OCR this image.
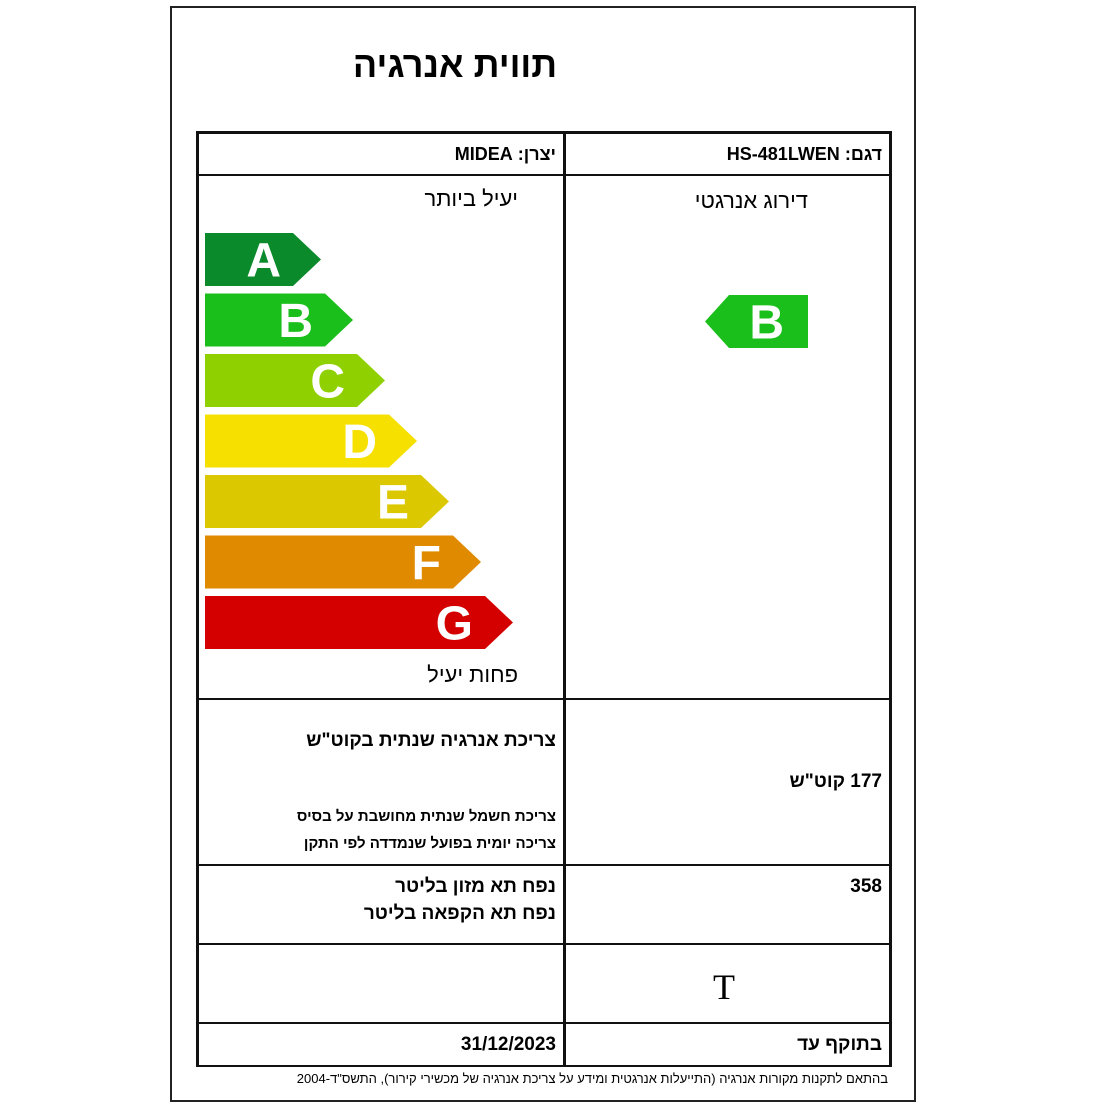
תווית אנרגיה
דגם: HS-481LWEN
יצרן: MIDEA
יעיל ביותר
פחות יעיל
דירוג אנרגטי
A
B
C
D
E
F
G
B
צריכת אנרגיה שנתית בקוט"ש
צריכת חשמל שנתית מחושבת על בסיס
צריכה יומית בפועל שנמדדה לפי התקן
177 קוט"ש
נפח תא מזון בליטר
נפח תא הקפאה בליטר
358
T
בתוקף עד
31/12/2023
בהתאם לתקנות מקורות אנרגיה (התייעלות אנרגטית ומידע על צריכת אנרגיה של מכשירי קירור), התשס"ד-2004
